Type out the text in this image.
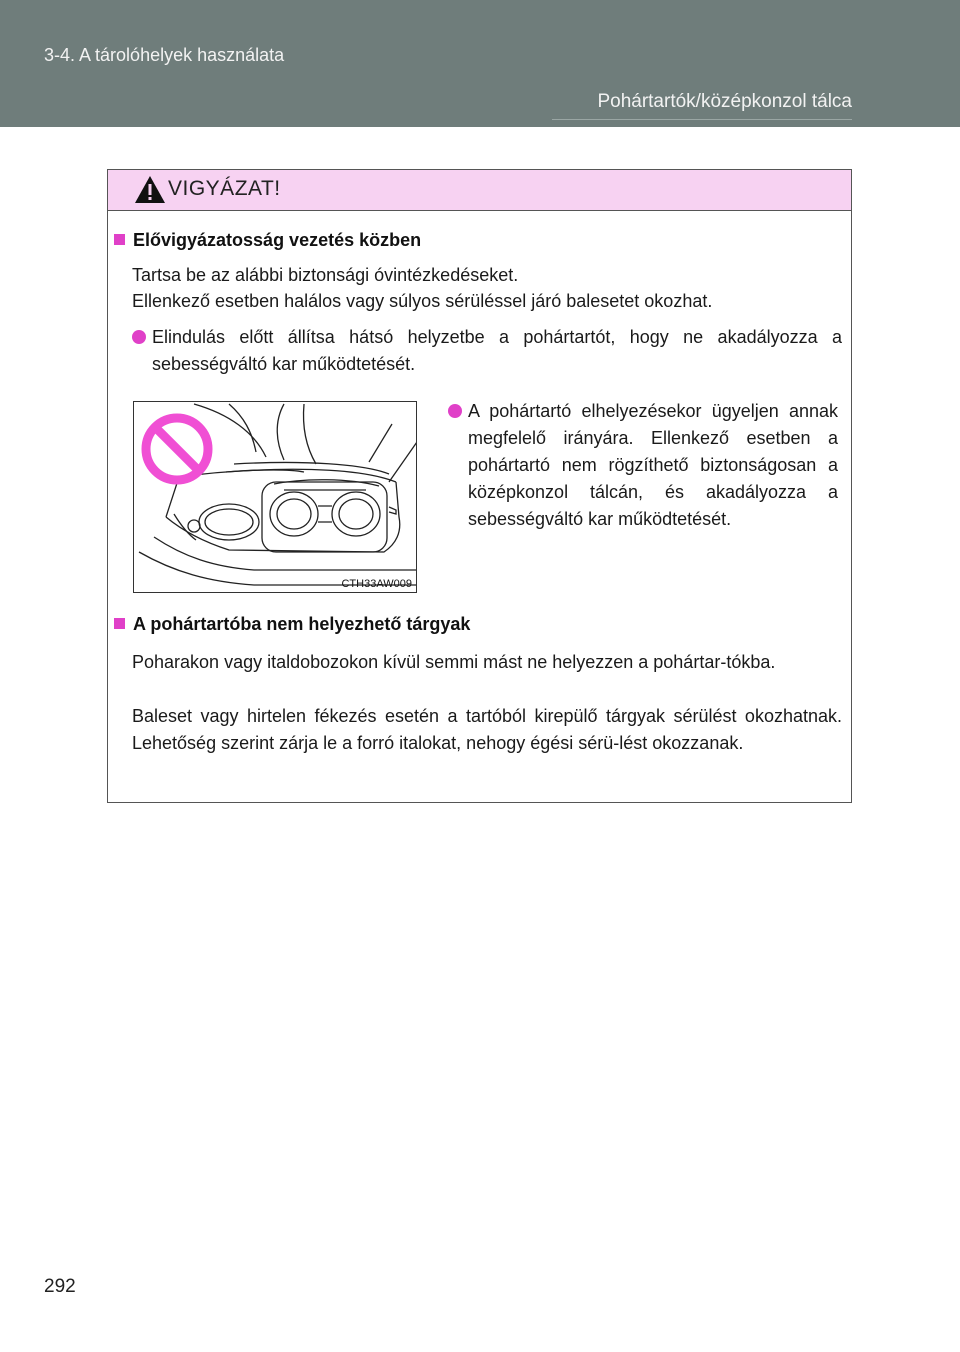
3-4. A tárolóhelyek használata
Pohártartók/középkonzol tálca
VIGYÁZAT!
Elővigyázatosság vezetés közben
Tartsa be az alábbi biztonsági óvintézkedéseket.
Ellenkező esetben halálos vagy súlyos sérüléssel járó balesetet okozhat.
Elindulás előtt állítsa hátsó helyzetbe a pohártartót, hogy ne akadályozza a sebességváltó kar működtetését.
CTH33AW009
A pohártartó elhelyezésekor ügyeljen annak megfelelő irányára. Ellenkező esetben a pohártartó nem rögzíthető biztonságosan a középkonzol tálcán, és akadályozza a sebességváltó kar működtetését.
A pohártartóba nem helyezhető tárgyak
Poharakon vagy italdobozokon kívül semmi mást ne helyezzen a pohártar-tókba.
Baleset vagy hirtelen fékezés esetén a tartóból kirepülő tárgyak sérülést okozhatnak. Lehetőség szerint zárja le a forró italokat, nehogy égési sérü-lést okozzanak.
292
